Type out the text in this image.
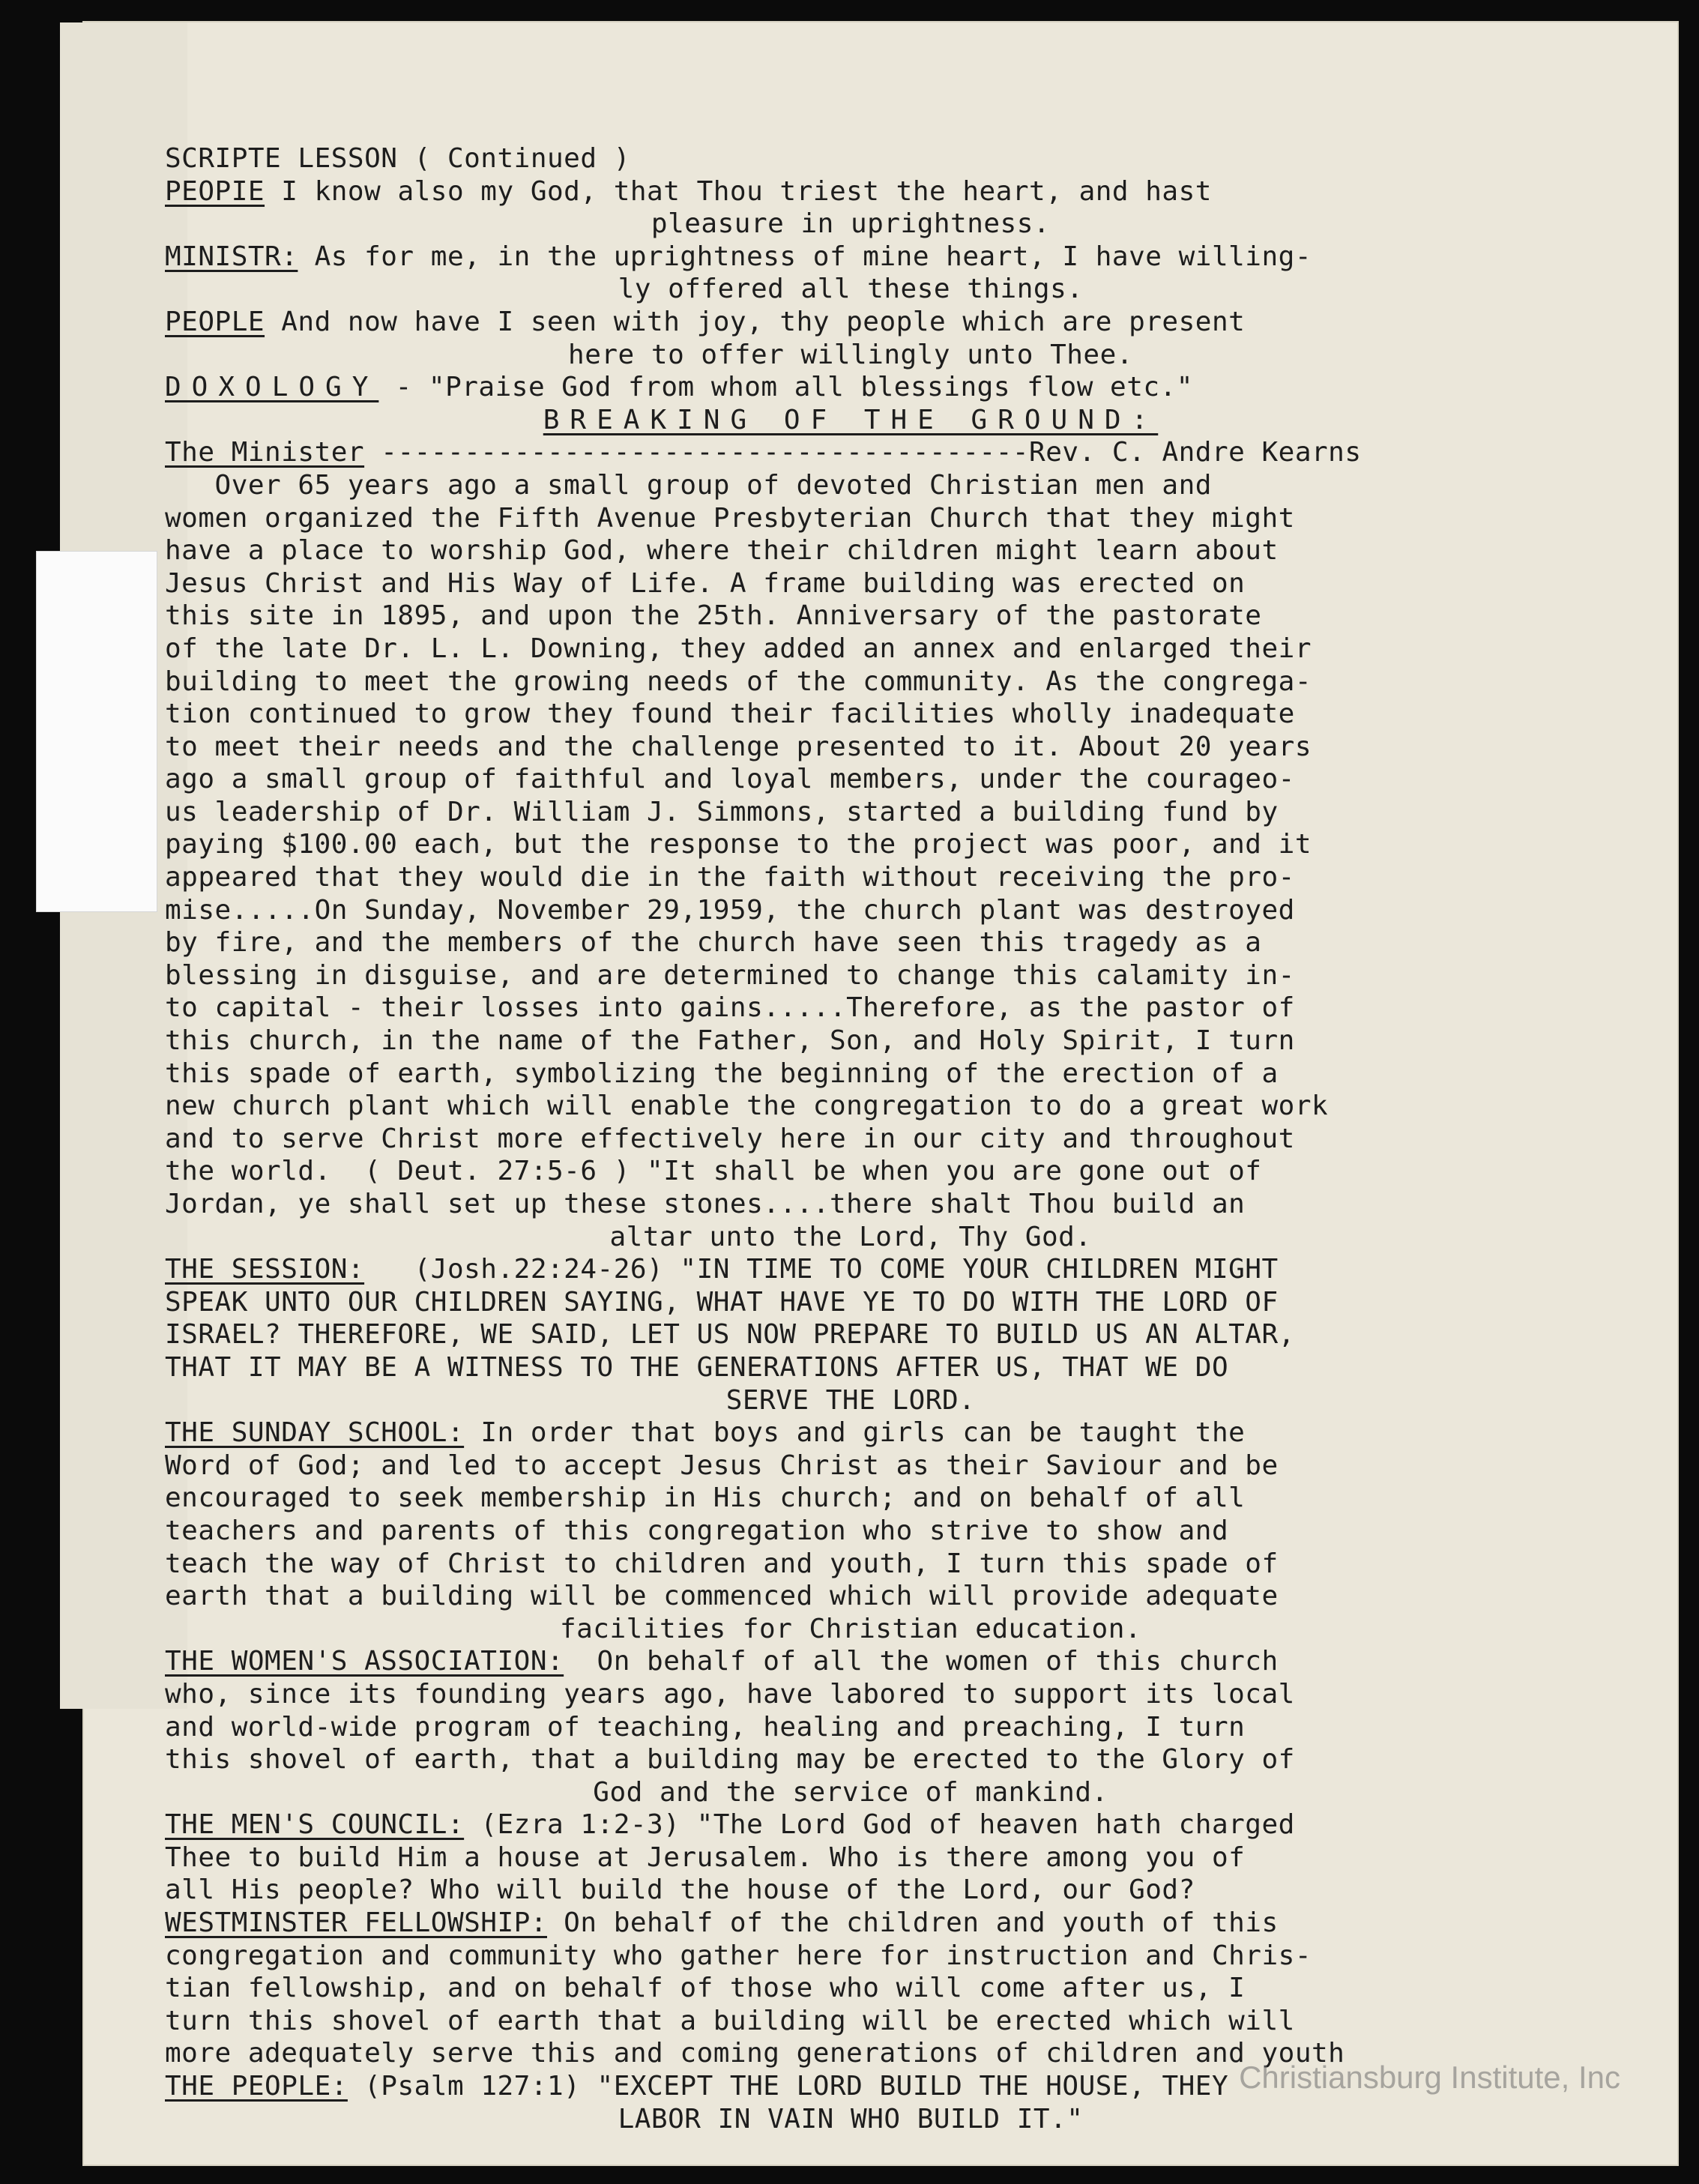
SCRIPTE LESSON ( Continued )
PEOPIE I know also my God, that Thou triest the heart, and hast
pleasure in uprightness.
MINISTR: As for me, in the uprightness of mine heart, I have willing-
ly offered all these things.
PEOPLE And now have I seen with joy, thy people which are present
here to offer willingly unto Thee.
DOXOLOGY - "Praise God from whom all blessings flow etc."
BREAKING OF THE GROUND:
The Minister ---------------------------------------Rev. C. Andre Kearns
Over 65 years ago a small group of devoted Christian men and
women organized the Fifth Avenue Presbyterian Church that they might
have a place to worship God, where their children might learn about
Jesus Christ and His Way of Life. A frame building was erected on
this site in 1895, and upon the 25th. Anniversary of the pastorate
of the late Dr. L. L. Downing, they added an annex and enlarged their
building to meet the growing needs of the community. As the congrega-
tion continued to grow they found their facilities wholly inadequate
to meet their needs and the challenge presented to it. About 20 years
ago a small group of faithful and loyal members, under the courageo-
us leadership of Dr. William J. Simmons, started a building fund by
paying $100.00 each, but the response to the project was poor, and it
appeared that they would die in the faith without receiving the pro-
mise.....On Sunday, November 29,1959, the church plant was destroyed
by fire, and the members of the church have seen this tragedy as a
blessing in disguise, and are determined to change this calamity in-
to capital - their losses into gains.....Therefore, as the pastor of
this church, in the name of the Father, Son, and Holy Spirit, I turn
this spade of earth, symbolizing the beginning of the erection of a
new church plant which will enable the congregation to do a great work
and to serve Christ more effectively here in our city and throughout
the world.  ( Deut. 27:5-6 ) "It shall be when you are gone out of
Jordan, ye shall set up these stones....there shalt Thou build an
altar unto the Lord, Thy God.
THE SESSION:   (Josh.22:24-26) "IN TIME TO COME YOUR CHILDREN MIGHT
SPEAK UNTO OUR CHILDREN SAYING, WHAT HAVE YE TO DO WITH THE LORD OF
ISRAEL? THEREFORE, WE SAID, LET US NOW PREPARE TO BUILD US AN ALTAR,
THAT IT MAY BE A WITNESS TO THE GENERATIONS AFTER US, THAT WE DO
SERVE THE LORD.
THE SUNDAY SCHOOL: In order that boys and girls can be taught the
Word of God; and led to accept Jesus Christ as their Saviour and be
encouraged to seek membership in His church; and on behalf of all
teachers and parents of this congregation who strive to show and
teach the way of Christ to children and youth, I turn this spade of
earth that a building will be commenced which will provide adequate
facilities for Christian education.
THE WOMEN'S ASSOCIATION:  On behalf of all the women of this church
who, since its founding years ago, have labored to support its local
and world-wide program of teaching, healing and preaching, I turn
this shovel of earth, that a building may be erected to the Glory of
God and the service of mankind.
THE MEN'S COUNCIL: (Ezra 1:2-3) "The Lord God of heaven hath charged
Thee to build Him a house at Jerusalem. Who is there among you of
all His people? Who will build the house of the Lord, our God?
WESTMINSTER FELLOWSHIP: On behalf of the children and youth of this
congregation and community who gather here for instruction and Chris-
tian fellowship, and on behalf of those who will come after us, I
turn this shovel of earth that a building will be erected which will
more adequately serve this and coming generations of children and youth
THE PEOPLE: (Psalm 127:1) "EXCEPT THE LORD BUILD THE HOUSE, THEY
LABOR IN VAIN WHO BUILD IT."
Christiansburg Institute, Inc
